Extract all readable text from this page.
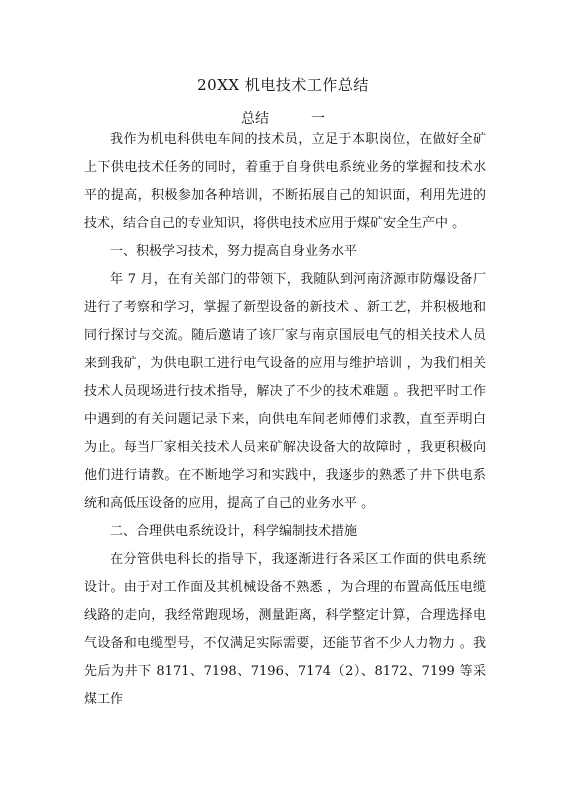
20XX 机电技术工作总结
总结　　　一

我作为机电科供电车间的技术员，立足于本职岗位，在做好全矿上下供电技术任务的同时，着重于自身供电系统业务的掌握和技术水平的提高，积极参加各种培训，不断拓展自己的知识面，利用先进的技术，结合自己的专业知识，将供电技术应用于煤矿安全生产中 。

一、积极学习技术，努力提高自身业务水平

年 7 月，在有关部门的带领下，我随队到河南济源市防爆设备厂进行了考察和学习，掌握了新型设备的新技术 、新工艺，并积极地和同行探讨与交流。随后邀请了该厂家与南京国辰电气的相关技术人员来到我矿，为供电职工进行电气设备的应用与维护培训 ，为我们相关技术人员现场进行技术指导，解决了不少的技术难题 。我把平时工作中遇到的有关问题记录下来，向供电车间老师傅们求教，直至弄明白为止。每当厂家相关技术人员来矿解决设备大的故障时 ，我更积极向他们进行请教。在不断地学习和实践中，我逐步的熟悉了井下供电系统和高低压设备的应用，提高了自己的业务水平 。

二、合理供电系统设计，科学编制技术措施

在分管供电科长的指导下，我逐渐进行各采区工作面的供电系统设计。由于对工作面及其机械设备不熟悉 ，为合理的布置高低压电缆线路的走向，我经常跑现场，测量距离，科学整定计算，合理选择电气设备和电缆型号，不仅满足实际需要，还能节省不少人力物力 。我先后为井下 8171、7198、7196、7174（2）、8172、7199 等采煤工作
